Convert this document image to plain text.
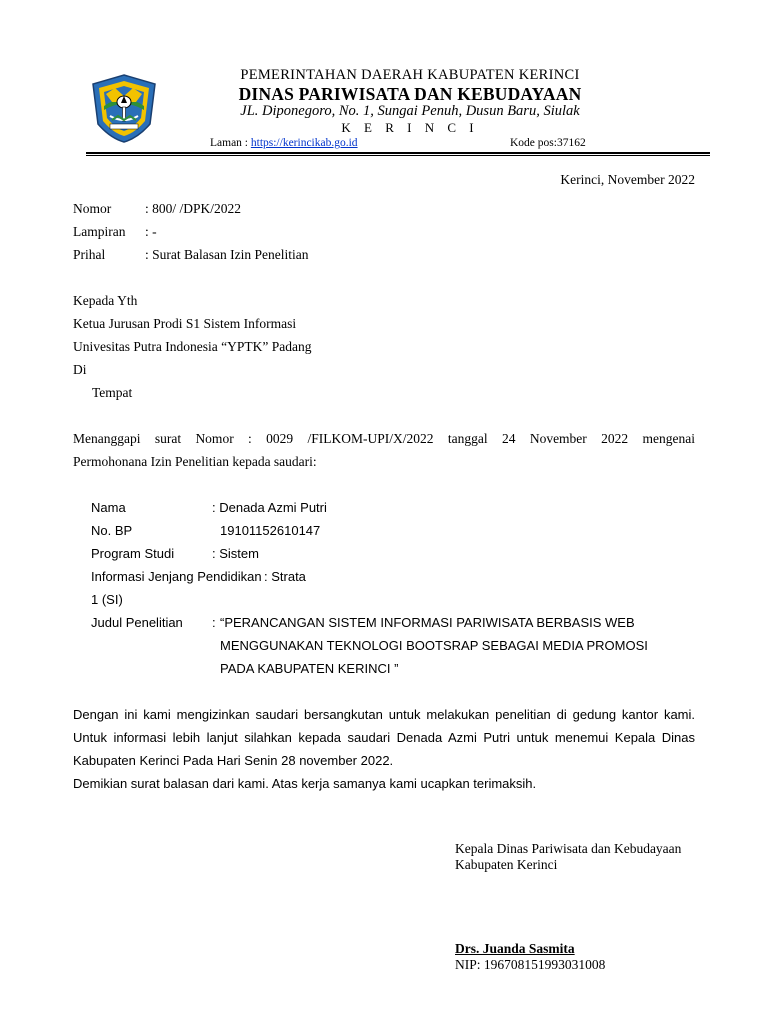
PEMERINTAHAN DAERAH KABUPATEN KERINCI
DINAS PARIWISATA DAN KEBUDAYAAN
JL. Diponegoro, No. 1, Sungai Penuh, Dusun Baru, Siulak
K E R I N C I
Laman : https://kerincikab.go.id	Kode pos:37162
Kerinci, November 2022
Nomor	: 800/ /DPK/2022
Lampiran : -
Prihal	: Surat Balasan Izin Penelitian
Kepada Yth
Ketua Jurusan Prodi S1 Sistem Informasi
Univesitas Putra Indonesia “YPTK” Padang
Di
Tempat
Menanggapi surat Nomor : 0029 /FILKOM-UPI/X/2022 tanggal 24 November 2022 mengenai
Permohonana Izin Penelitian kepada saudari:
Nama	: Denada Azmi Putri
No. BP	19101152610147
Program Studi	: Sistem
Informasi Jenjang Pendidikan : Strata
1 (SI)
Judul Penelitian : “PERANCANGAN SISTEM INFORMASI PARIWISATA BERBASIS WEB
MENGGUNAKAN TEKNOLOGI BOOTSRAP SEBAGAI MEDIA PROMOSI
PADA KABUPATEN KERINCI ”
Dengan ini kami mengizinkan saudari bersangkutan untuk melakukan penelitian di gedung kantor kami.
Untuk informasi lebih lanjut silahkan kepada saudari Denada Azmi Putri untuk menemui Kepala Dinas
Kabupaten Kerinci Pada Hari Senin 28 november 2022.
Demikian surat balasan dari kami. Atas kerja samanya kami ucapkan terimaksih.
Kepala Dinas Pariwisata dan Kebudayaan
Kabupaten Kerinci
Drs. Juanda Sasmita
NIP: 196708151993031008
